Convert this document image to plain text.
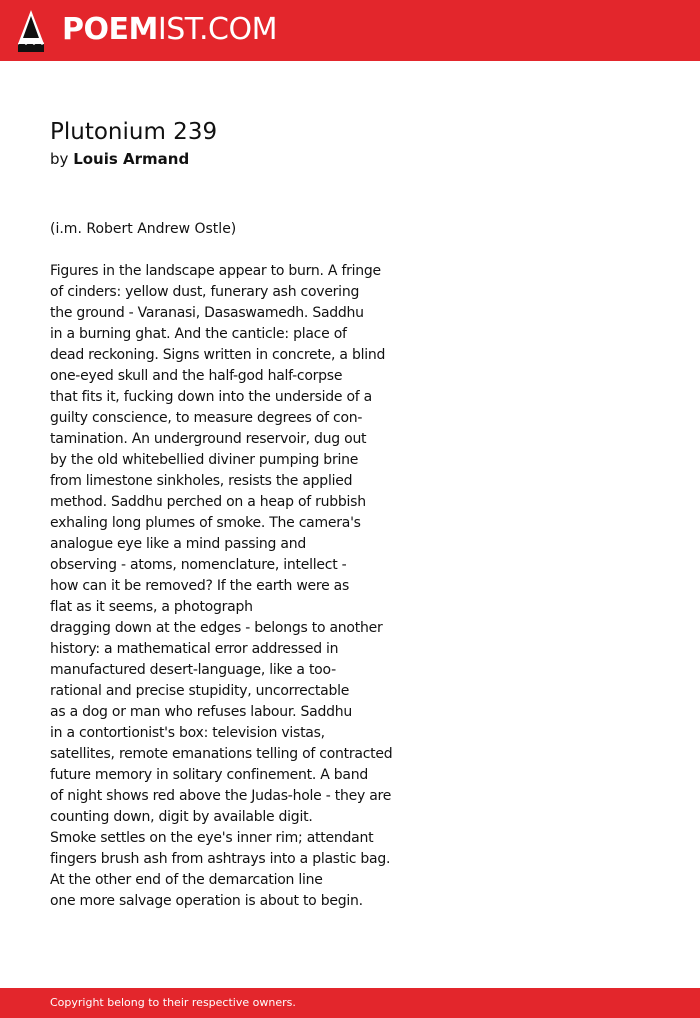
POEMIST.COM
Plutonium 239
by Louis Armand
(i.m. Robert Andrew Ostle)
Figures in the landscape appear to burn. A fringe
of cinders: yellow dust, funerary ash covering
the ground - Varanasi, Dasaswamedh. Saddhu
in a burning ghat. And the canticle: place of
dead reckoning. Signs written in concrete, a blind
one-eyed skull and the half-god half-corpse
that fits it, fucking down into the underside of a
guilty conscience, to measure degrees of con-
tamination. An underground reservoir, dug out
by the old whitebellied diviner pumping brine
from limestone sinkholes, resists the applied
method. Saddhu perched on a heap of rubbish
exhaling long plumes of smoke. The camera's
analogue eye like a mind passing and
observing - atoms, nomenclature, intellect -
how can it be removed? If the earth were as
flat as it seems, a photograph
dragging down at the edges - belongs to another
history: a mathematical error addressed in
manufactured desert-language, like a too-
rational and precise stupidity, uncorrectable
as a dog or man who refuses labour. Saddhu
in a contortionist's box: television vistas,
satellites, remote emanations telling of contracted
future memory in solitary confinement. A band
of night shows red above the Judas-hole - they are
counting down, digit by available digit.
Smoke settles on the eye's inner rim; attendant
fingers brush ash from ashtrays into a plastic bag.
At the other end of the demarcation line
one more salvage operation is about to begin.
Copyright belong to their respective owners.
